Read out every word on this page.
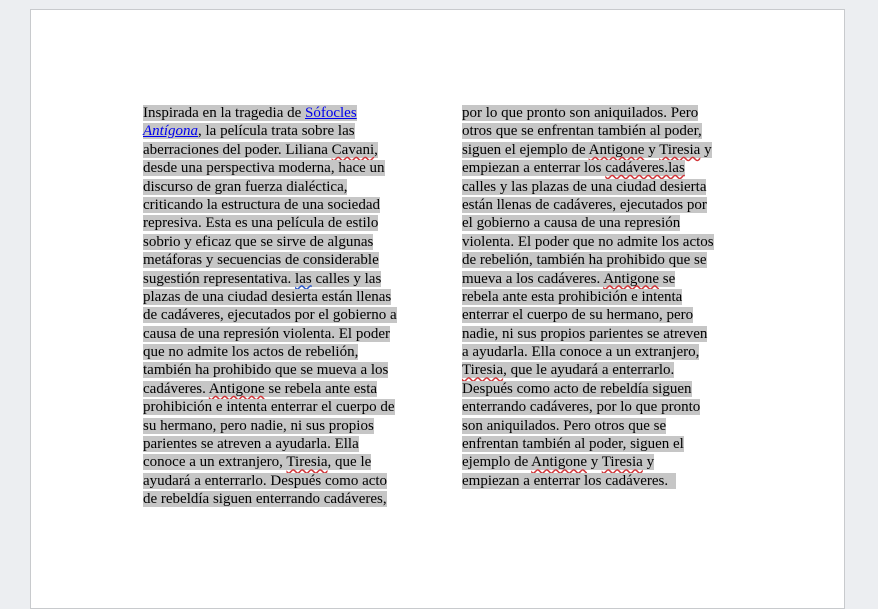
Inspirada en la tragedia de Sófocles
Antígona, la película trata sobre las
aberraciones del poder. Liliana Cavani,
desde una perspectiva moderna, hace un
discurso de gran fuerza dialéctica,
criticando la estructura de una sociedad
represiva. Esta es una película de estilo
sobrio y eficaz que se sirve de algunas
metáforas y secuencias de considerable
sugestión representativa. las calles y las
plazas de una ciudad desierta están llenas
de cadáveres, ejecutados por el gobierno a
causa de una represión violenta. El poder
que no admite los actos de rebelión,
también ha prohibido que se mueva a los
cadáveres. Antigone se rebela ante esta
prohibición e intenta enterrar el cuerpo de
su hermano, pero nadie, ni sus propios
parientes se atreven a ayudarla. Ella
conoce a un extranjero, Tiresia, que le
ayudará a enterrarlo. Después como acto
de rebeldía siguen enterrando cadáveres,
por lo que pronto son aniquilados. Pero
otros que se enfrentan también al poder,
siguen el ejemplo de Antigone y Tiresia y
empiezan a enterrar los cadáveres.las
calles y las plazas de una ciudad desierta
están llenas de cadáveres, ejecutados por
el gobierno a causa de una represión
violenta. El poder que no admite los actos
de rebelión, también ha prohibido que se
mueva a los cadáveres. Antigone se
rebela ante esta prohibición e intenta
enterrar el cuerpo de su hermano, pero
nadie, ni sus propios parientes se atreven
a ayudarla. Ella conoce a un extranjero,
Tiresia, que le ayudará a enterrarlo.
Después como acto de rebeldía siguen
enterrando cadáveres, por lo que pronto
son aniquilados. Pero otros que se
enfrentan también al poder, siguen el
ejemplo de Antigone y Tiresia y
empiezan a enterrar los cadáveres.
